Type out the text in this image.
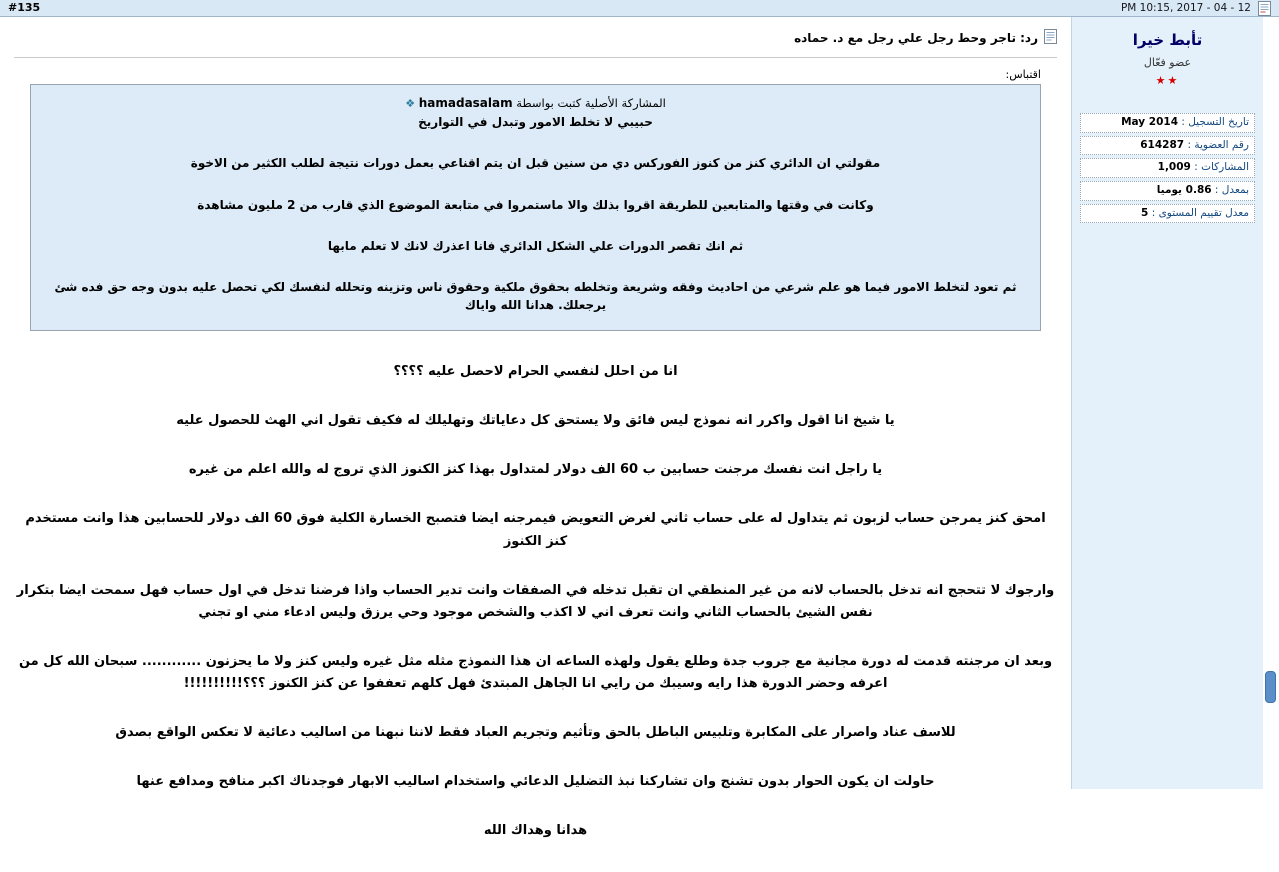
#135	PM 10:15, 2017 - 04 - 12
رد: تاجر وحط رجل علي رجل مع د. حماده
اقتباس:
المشاركة الأصلية كتبت بواسطة hamadasalam ❖
حبيبي لا تخلط الامور وتبدل في التواريخ
مقولتي ان الدائري كنز من كنوز الفوركس دي من سنين قبل ان يتم اقناعي بعمل دورات نتيجة لطلب الكثير من الاخوة
وكانت في وقتها والمتابعين للطريقة اقروا بذلك والا ماستمروا في متابعة الموضوع الذي قارب من 2 مليون مشاهدة
ثم انك تقصر الدورات علي الشكل الدائري فانا اعذرك لانك لا تعلم مابها
ثم تعود لتخلط الامور فيما هو علم شرعي من احاديث وفقه وشريعة وتخلطه بحقوق ملكية وحقوق ناس وتزينه وتحلله لنفسك لكي تحصل عليه بدون وجه حق فده شئ يرجعلك. هدانا الله واياك
انا من احلل لنفسي الحرام لاحصل عليه ؟؟؟؟
يا شيخ انا اقول واكرر انه نموذج ليس فائق ولا يستحق كل دعاياتك وتهليلك له فكيف تقول اني الهث للحصول عليه
يا راجل انت نفسك مرجنت حسابين ب 60 الف دولار لمتداول بهذا كنز الكنوز الذي تروج له والله اعلم من غيره
امحق كنز يمرجن حساب لزبون ثم يتداول له على حساب ثاني لغرض التعويض فيمرجنه ايضا فتصبح الخسارة الكلية فوق 60 الف دولار للحسابين هذا وانت مستخدم كنز الكنوز
وارجوك لا تتحجج انه تدخل بالحساب لانه من غير المنطقي ان تقبل تدخله في الصفقات وانت تدير الحساب واذا فرضنا تدخل في اول حساب فهل سمحت ايضا بتكرار نفس الشيئ بالحساب الثاني وانت تعرف اني لا اكذب والشخص موجود وحي يرزق وليس ادعاء مني او تجني
وبعد ان مرجنته قدمت له دورة مجانية مع جروب جدة وطلع يقول ولهذه الساعه ان هذا النموذج مثله مثل غيره وليس كنز ولا ما يحزنون ............ سبحان الله كل من اعرفه وحضر الدورة هذا رايه وسيبك من رايي انا الجاهل المبتدئ فهل كلهم تعففوا عن كنز الكنوز ؟؟؟!!!!!!!!!!
للاسف عناد واصرار على المكابرة وتلبيس الباطل بالحق وتأثيم وتجريم العباد فقط لاننا نبهنا من اساليب دعائية لا تعكس الواقع بصدق
حاولت ان يكون الحوار بدون تشنج وان تشاركنا نبذ التضليل الدعائي واستخدام اساليب الابهار فوجدناك اكبر منافح ومدافع عنها
هدانا وهداك الله
تأبط خيرا
عضو فعّال
★★
تاريخ التسجيل : May 2014
رقم العضوية : 614287
المشاركات : 1,009
بمعدل : 0.86 يوميا
معدل تقييم المستوى : 5
